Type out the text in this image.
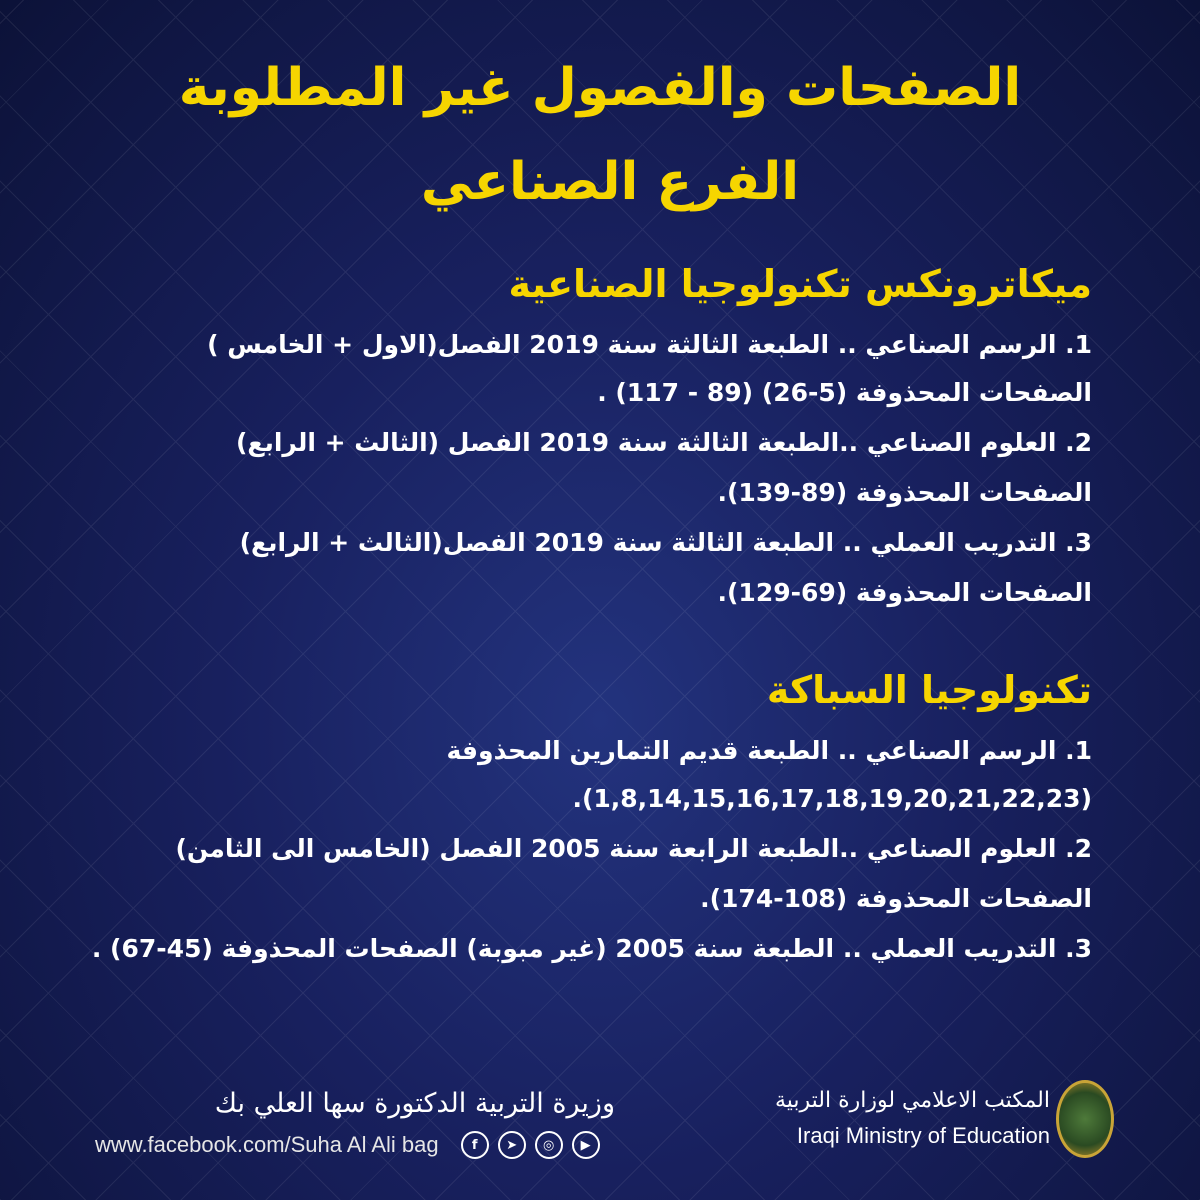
الصفحات والفصول غير المطلوبة
الفرع الصناعي
ميكاترونكس تكنولوجيا الصناعية
1. الرسم الصناعي .. الطبعة الثالثة سنة 2019 الفصل(الاول + الخامس )
الصفحات المحذوفة (5-26) (89 - 117) .
2. العلوم الصناعي ..الطبعة الثالثة سنة 2019 الفصل (الثالث + الرابع)
الصفحات المحذوفة (89-139).
3. التدريب العملي .. الطبعة الثالثة سنة 2019 الفصل(الثالث + الرابع)
الصفحات المحذوفة (69-129).
تكنولوجيا السباكة
1. الرسم الصناعي .. الطبعة قديم التمارين المحذوفة
(1,8,14,15,16,17,18,19,20,21,22,23).
2. العلوم الصناعي ..الطبعة الرابعة سنة 2005 الفصل (الخامس الى الثامن)
الصفحات المحذوفة (108-174).
3. التدريب العملي .. الطبعة سنة 2005 (غير مبوبة) الصفحات المحذوفة (45-67) .
المكتب الاعلامي لوزارة التربية
Iraqi Ministry of Education
وزيرة التربية الدكتورة سها العلي بك
www.facebook.com/Suha Al Ali bag	f	➤	◎	▶
